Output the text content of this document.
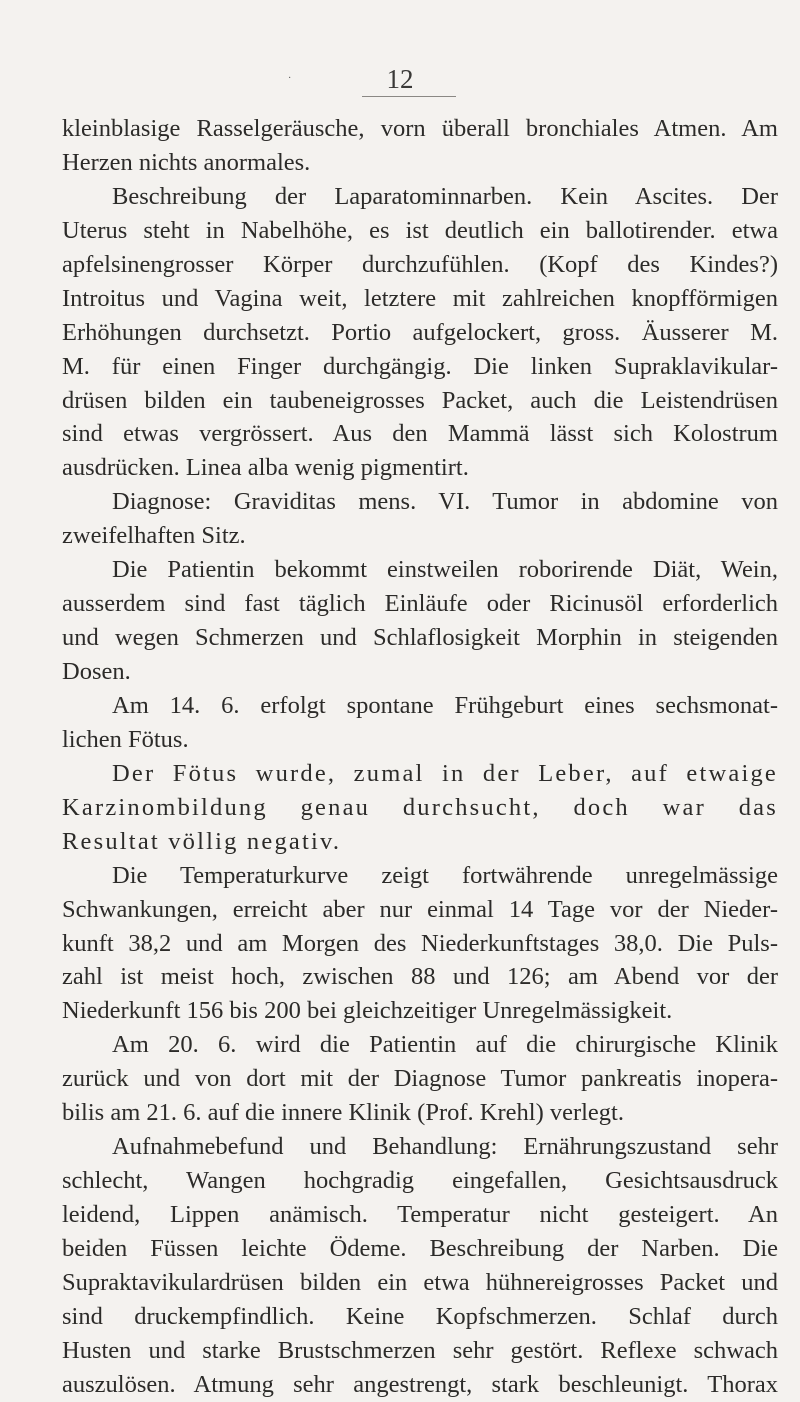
·	12
kleinblasige Rasselgeräusche, vorn überall bronchiales Atmen. Am
Herzen nichts anormales.
Beschreibung der Laparatominnarben. Kein Ascites. Der
Uterus steht in Nabelhöhe, es ist deutlich ein ballotirender. etwa
apfelsinengrosser Körper durchzufühlen. (Kopf des Kindes?)
Introitus und Vagina weit, letztere mit zahlreichen knopfförmigen
Erhöhungen durchsetzt. Portio aufgelockert, gross. Äusserer M.
M. für einen Finger durchgängig. Die linken Supraklavikular-
drüsen bilden ein taubeneigrosses Packet, auch die Leistendrüsen
sind etwas vergrössert. Aus den Mammä lässt sich Kolostrum
ausdrücken. Linea alba wenig pigmentirt.
Diagnose: Graviditas mens. VI. Tumor in abdomine von
zweifelhaften Sitz.
Die Patientin bekommt einstweilen roborirende Diät, Wein,
ausserdem sind fast täglich Einläufe oder Ricinusöl erforderlich
und wegen Schmerzen und Schlaflosigkeit Morphin in steigenden
Dosen.
Am 14. 6. erfolgt spontane Frühgeburt eines sechsmonat-
lichen Fötus.
Der Fötus wurde, zumal in der Leber, auf etwaige
Karzinombildung genau durchsucht, doch war das
Resultat völlig negativ.
Die Temperaturkurve zeigt fortwährende unregelmässige
Schwankungen, erreicht aber nur einmal 14 Tage vor der Nieder-
kunft 38,2 und am Morgen des Niederkunftstages 38,0. Die Puls-
zahl ist meist hoch, zwischen 88 und 126; am Abend vor der
Niederkunft 156 bis 200 bei gleichzeitiger Unregelmässigkeit.
Am 20. 6. wird die Patientin auf die chirurgische Klinik
zurück und von dort mit der Diagnose Tumor pankreatis inopera-
bilis am 21. 6. auf die innere Klinik (Prof. Krehl) verlegt.
Aufnahmebefund und Behandlung: Ernährungszustand sehr
schlecht, Wangen hochgradig eingefallen, Gesichtsausdruck
leidend, Lippen anämisch. Temperatur nicht gesteigert. An
beiden Füssen leichte Ödeme. Beschreibung der Narben. Die
Supraktavikulardrüsen bilden ein etwa hühnereigrosses Packet und
sind druckempfindlich. Keine Kopfschmerzen. Schlaf durch
Husten und starke Brustschmerzen sehr gestört. Reflexe schwach
auszulösen. Atmung sehr angestrengt, stark beschleunigt. Thorax
